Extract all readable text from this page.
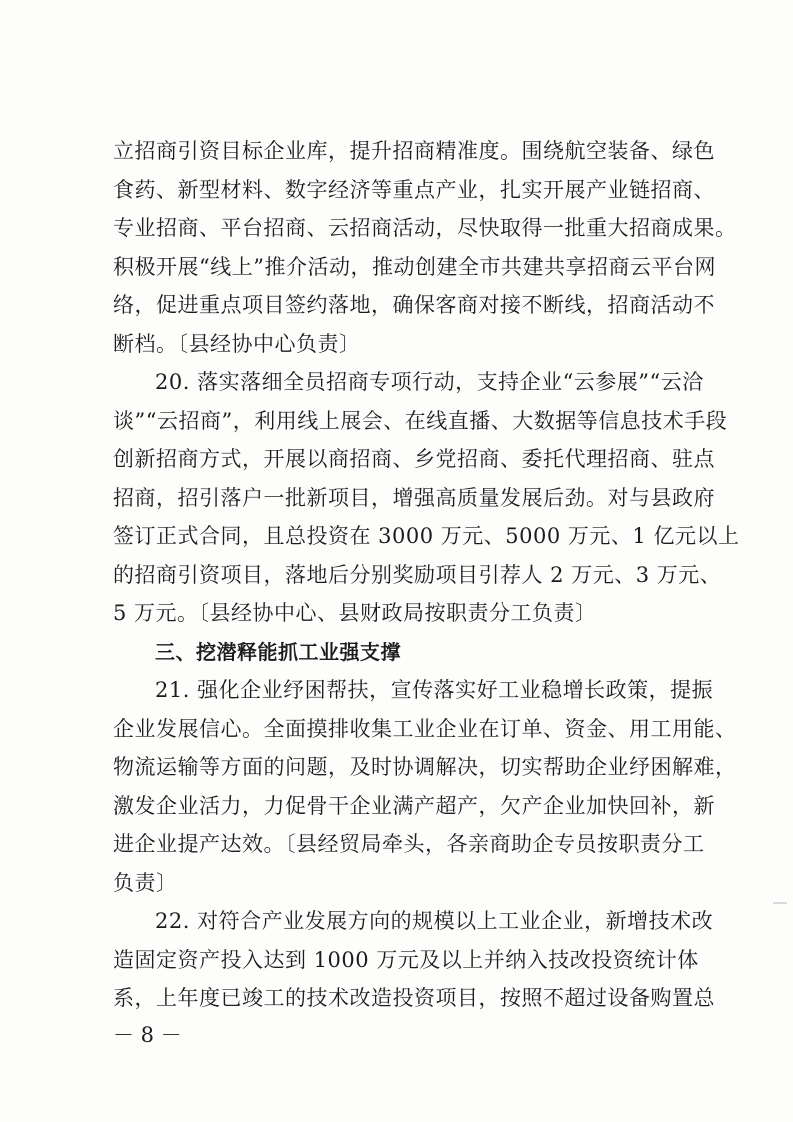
立招商引资目标企业库，提升招商精准度。围绕航空装备、绿色
食药、新型材料、数字经济等重点产业，扎实开展产业链招商、
专业招商、平台招商、云招商活动，尽快取得一批重大招商成果。
积极开展“线上”推介活动，推动创建全市共建共享招商云平台网
络，促进重点项目签约落地，确保客商对接不断线，招商活动不
断档。〔县经协中心负责〕
20. 落实落细全员招商专项行动，支持企业“云参展”“云洽
谈”“云招商”，利用线上展会、在线直播、大数据等信息技术手段
创新招商方式，开展以商招商、乡党招商、委托代理招商、驻点
招商，招引落户一批新项目，增强高质量发展后劲。对与县政府
签订正式合同，且总投资在 3000 万元、5000 万元、1 亿元以上
的招商引资项目，落地后分别奖励项目引荐人 2 万元、3 万元、
5 万元。〔县经协中心、县财政局按职责分工负责〕
三、挖潜释能抓工业强支撑
21. 强化企业纾困帮扶，宣传落实好工业稳增长政策，提振
企业发展信心。全面摸排收集工业企业在订单、资金、用工用能、
物流运输等方面的问题，及时协调解决，切实帮助企业纾困解难，
激发企业活力，力促骨干企业满产超产，欠产企业加快回补，新
进企业提产达效。〔县经贸局牵头，各亲商助企专员按职责分工
负责〕
22. 对符合产业发展方向的规模以上工业企业，新增技术改
造固定资产投入达到 1000 万元及以上并纳入技改投资统计体
系，上年度已竣工的技术改造投资项目，按照不超过设备购置总
－ 8 －
